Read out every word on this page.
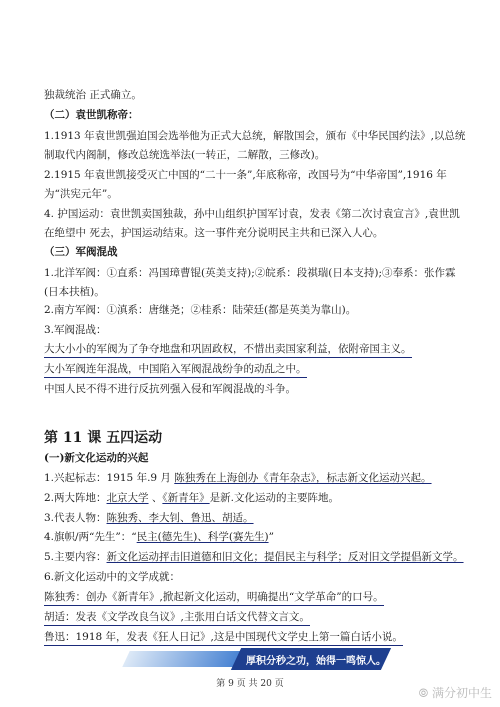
独裁统治 正式确立。
（二）袁世凯称帝：
1.1913 年袁世凯强迫国会选举他为正式大总统，解散国会，颁布《中华民国约法》,以总统制取代内阁制，修改总统选举法(一转正，二解散，三修改)。
2.1915 年袁世凯接受灭亡中国的“二十一条”,年底称帝，改国号为“中华帝国”,1916 年为“洪宪元年”。
4. 护国运动：袁世凯卖国独裁，孙中山组织护国军讨袁，发表《第二次讨袁宣言》,袁世凯在绝望中 死去，护国运动结束。这一事件充分说明民主共和已深入人心。
（三）军阀混战
1.北洋军阀：①直系：冯国璋曹锟(英美支持);②皖系：段祺瑞(日本支持);③奉系：张作霖(日本扶植)。
2.南方军阀：①滇系：唐继尧；②桂系：陆荣廷(都是英美为靠山)。
3.军阀混战：
大大小小的军阀为了争夺地盘和巩固政权，不惜出卖国家利益，依附帝国主义。
大小军阀连年混战，中国陷入军阀混战纷争的动乱之中。
中国人民不得不进行反抗列强入侵和军阀混战的斗争。
第 11 课 五四运动
(一)新文化运动的兴起
1.兴起标志：1915 年.9 月 陈独秀在上海创办《青年杂志》，标志新文化运动兴起。
2.两大阵地：北京大学 、《新青年》是新.文化运动的主要阵地。
3.代表人物：陈独秀、李大钊、鲁迅、胡适。
4.旗帜/两“先生”：“民主(德先生)、科学(赛先生)”
5.主要内容：新文化运动抨击旧道德和旧文化；提倡民主与科学；反对旧文学提倡新文学。
6.新文化运动中的文学成就：
陈独秀：创办《新青年》,掀起新文化运动，明确提出“文学革命”的口号。
胡适：发表《文学改良刍议》,主张用白话文代替文言文。
鲁迅：1918 年，发表《狂人日记》,这是中国现代文学史上第一篇白话小说。
厚积分秒之功，始得一鸣惊人。
第 9 页 共 20 页
⦾ 满分初中生
